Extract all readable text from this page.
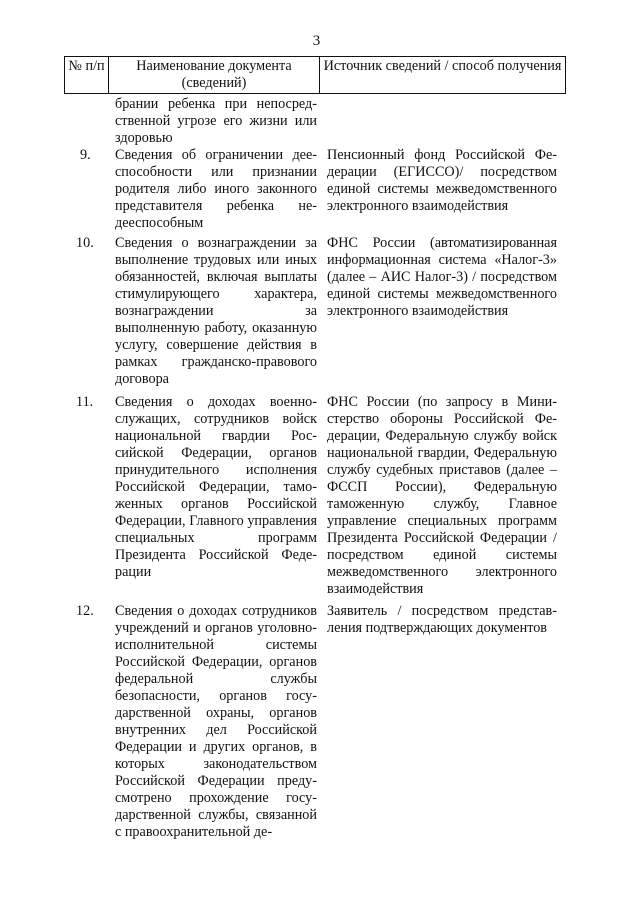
3
№ п/п	Наименование документа (сведений)
Источник сведений / способ получения
брании ребенка при непосредственной угрозе его жизни или здоровью
9. Сведения об ограничении дееспособности или признании родителя либо иного законного представителя ребенка недееспособным
Пенсионный фонд Российской Федерации (ЕГИССО)/ посредством единой системы межведомственного электронного взаимодействия
10. Сведения о вознаграждении за выполнение трудовых или иных обязанностей, включая выплаты стимулирующего характера, вознаграждении за выполненную работу, оказанную услугу, совершение действия в рамках гражданско-правового договора
ФНС России (автоматизированная информационная система «Налог-3» (далее – АИС Налог-3) / посредством единой системы межведомственного электронного взаимодействия
11. Сведения о доходах военнослужащих, сотрудников войск национальной гвардии Российской Федерации, органов принудительного исполнения Российской Федерации, таможенных органов Российской Федерации, Главного управления специальных программ Президента Российской Федерации
ФНС России (по запросу в Министерство обороны Российской Федерации, Федеральную службу войск национальной гвардии, Федеральную службу судебных приставов (далее – ФССП России), Федеральную таможенную службу, Главное управление специальных программ Президента Российской Федерации / посредством единой системы межведомственного электронного взаимодействия
12. Сведения о доходах сотрудников учреждений и органов уголовно-исполнительной системы Российской Федерации, органов федеральной службы безопасности, органов государственной охраны, органов внутренних дел Российской Федерации и других органов, в которых законодательством Российской Федерации предусмотрено прохождение государственной службы, связанной с правоохранительной де-
Заявитель / посредством представления подтверждающих документов
